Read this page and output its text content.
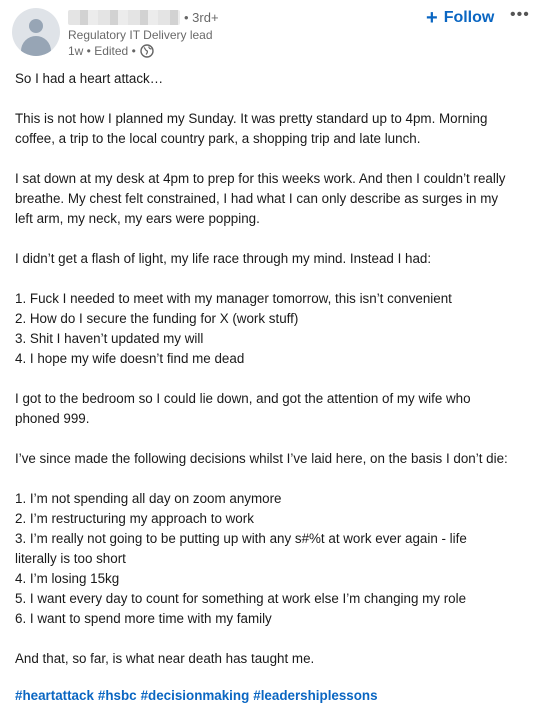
• 3rd+
Regulatory IT Delivery lead
1w • Edited •
+ Follow •••
So I had a heart attack…
This is not how I planned my Sunday. It was pretty standard up to 4pm. Morning
coffee, a trip to the local country park, a shopping trip and late lunch.
I sat down at my desk at 4pm to prep for this weeks work. And then I couldn’t really
breathe. My chest felt constrained, I had what I can only describe as surges in my
left arm, my neck, my ears were popping.
I didn’t get a flash of light, my life race through my mind. Instead I had:
1. Fuck I needed to meet with my manager tomorrow, this isn’t convenient
2. How do I secure the funding for X (work stuff)
3. Shit I haven’t updated my will
4. I hope my wife doesn’t find me dead
I got to the bedroom so I could lie down, and got the attention of my wife who
phoned 999.
I’ve since made the following decisions whilst I’ve laid here, on the basis I don’t die:
1. I’m not spending all day on zoom anymore
2. I’m restructuring my approach to work
3. I’m really not going to be putting up with any s#%t at work ever again - life
literally is too short
4. I’m losing 15kg
5. I want every day to count for something at work else I’m changing my role
6. I want to spend more time with my family
And that, so far, is what near death has taught me.
#heartattack #hsbc #decisionmaking #leadershiplessons
